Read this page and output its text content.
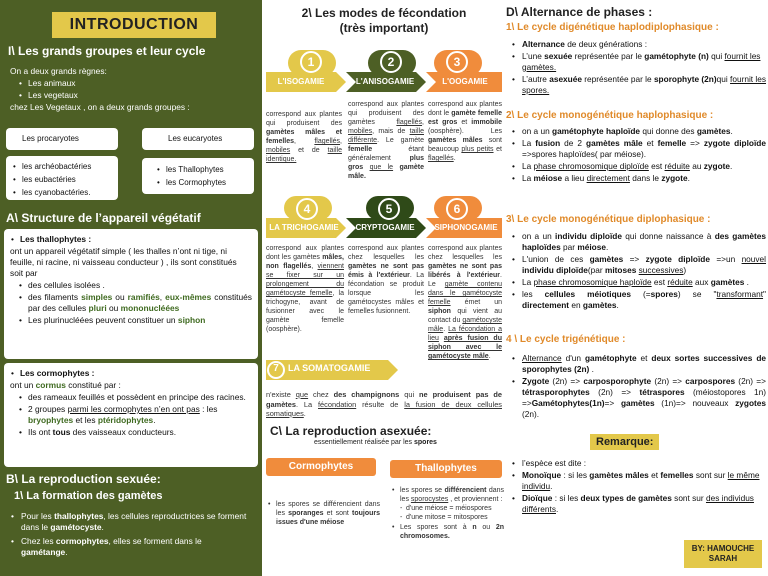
INTRODUCTION
I\ Les grands groupes et leur cycle
On a deux grands règnes:
• Les animaux
• Les vegetaux
chez Les Vegetaux , on a deux grands groupes :
Les procaryotes	Les eucaryotes
• les archéobactéries
• les eubactéries
• les cyanobactéries.
• les Thallophytes
• les Cormophytes
A\ Structure de l’appareil végétatif
• Les thallophytes :
ont un appareil végétatif simple ( les thalles n’ont ni tige, ni feuille, ni racine, ni vaisseau conducteur ) , ils sont constitués soit par
• des cellules isolées .
• des filaments simples ou ramifiés, eux-mêmes constitués par des cellules pluri ou mononucléées
• Les plurinucléées peuvent constituer un siphon
• Les cormophytes :
ont un cormus constitué par :
• des rameaux feuillés et possèdent en principe des racines.
• 2 groupes parmi les cormophytes n’en ont pas : les bryophytes et les ptéridophytes.
• Ils ont tous des vaisseaux conducteurs.
B\ La reproduction sexuée:
1\ La formation des gamètes
• Pour les thallophytes, les cellules reproductrices se forment dans le gamétocyste.
• Chez les cormophytes, elles se forment dans le gamétange.
2\ Les modes de fécondation
(très important)
1	2	3
L'ISOGAMIE	L'ANISOGAMIE	L'OOGAMIE
correspond aux plantes qui produisent des gamètes mâles et femelles, flagellés, mobiles et de taille identique.
correspond aux plantes qui produisent des gamètes flagellés, mobiles, mais de taille différente. Le gamète femelle étant généralement plus gros que le gamète mâle.
correspond aux plantes dont le gamète femelle est gros et immobile (oosphère). Les gamètes mâles sont beaucoup plus petits et flagellés.
4	5	6
LA TRICHOGAMIE	CRYPTOGAMIE	SIPHONOGAMIE
correspond aux plantes dont les gamètes mâles, non flagellés, viennent se fixer sur un prolongement du gamétocyste femelle, la trichogyne, avant de fusionner avec le gamète femelle (oosphère).
correspond aux plantes chez lesquelles les gamètes ne sont pas émis à l'extérieur. La fécondation se produit lorsque les gamétocystes mâles et femelles fusionnent.
correspond aux plantes chez lesquelles les gamètes ne sont pas libérés à l'extérieur. Le gamète contenu dans le gamétocyste femelle émet un siphon qui vient au contact du gamétocyste mâle. La fécondation a lieu après fusion du siphon avec le gamétocyste mâle.
7	LA SOMATOGAMIE
n'existe que chez des champignons qui ne produisent pas de gamètes. La fécondation résulte de la fusion de deux cellules somatiques.
C\ La reproduction asexuée:
essentiellement réalisée par les spores
Cormophytes	Thallophytes
• les spores se différencient dans les sporanges et sont toujours issues d'une méiose
• les spores se différencient dans les sporocystes , et proviennent :
- d'une méiose = méiospores
- d'une mitose = mitospores
• Les spores sont à n ou 2n chromosomes.
D\ Alternance de phases :
1\ Le cycle digénétique haplodiplophasique :
• Alternance de deux générations :
• L’une sexuée représentée par le gamétophyte (n) qui fournit les gamètes.
• L’autre asexuée représentée par le sporophyte (2n)qui fournit les spores.
2\ Le cycle monogénétique haplophasique :
• on a un gamétophyte haploïde qui donne des gamètes.
• La fusion de 2 gamètes mâle et femelle => zygote diploïde =>spores haploïdes( par méiose).
• La phase chromosomique diploïde est réduite au zygote.
• La méiose a lieu directement dans le zygote.
3\ Le cycle monogénétique diplophasique :
• on a un individu diploïde qui donne naissance à des gamètes haploïdes par méiose.
• L'union de ces gamètes => zygote diploïde =>un nouvel individu diploïde(par mitoses successives)
• La phase chromosomique haploïde est réduite aux gamètes .
• les cellules méiotiques (=spores) se "transformant" directement en gamètes.
4 \ Le cycle trigénétique :
• Alternance d'un gamétophyte et deux sortes successives de sporophytes (2n) .
• Zygote (2n) => carposporophyte (2n) => carpospores (2n) => tétrasporophytes (2n) => tétraspores (méiostopores 1n) =>Gamétophytes(1n)=> gamètes (1n)=> nouveaux zygotes (2n).
Remarque:
• l’espèce est dite :
• Monoïque : si les gamètes mâles et femelles sont sur le même individu.
• Dioïque : si les deux types de gamètes sont sur des individus différents.
BY: HAMOUCHE
SARAH
